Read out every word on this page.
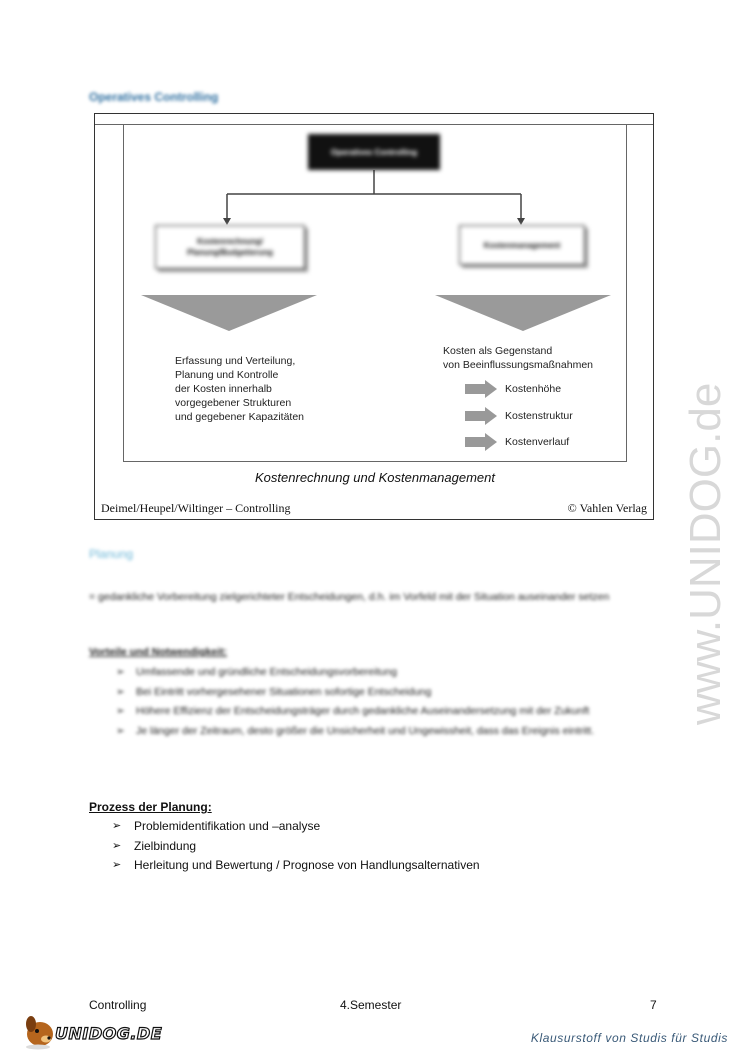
Operatives Controlling
Operatives Controlling
Kostenrechnung/
Planung/Budgetierung
Kostenmanagement
Erfassung und Verteilung,
Planung und Kontrolle
der Kosten innerhalb
vorgegebener Strukturen
und gegebener Kapazitäten
Kosten als Gegenstand
von Beeinflussungsmaßnahmen
Kostenhöhe
Kostenstruktur
Kostenverlauf
Kostenrechnung und Kostenmanagement
Deimel/Heupel/Wiltinger – Controlling	© Vahlen Verlag
Planung
= gedankliche Vorbereitung zielgerichteter Entscheidungen, d.h. im Vorfeld mit der Situation auseinander setzen
Vorteile und Notwendigkeit:
➢	Umfassende und gründliche Entscheidungsvorbereitung
➢	Bei Eintritt vorhergesehener Situationen sofortige Entscheidung
➢	Höhere Effizienz der Entscheidungsträger durch gedankliche Auseinandersetzung mit der Zukunft
➢	Je länger der Zeitraum, desto größer die Unsicherheit und Ungewissheit, dass das Ereignis eintritt.
Prozess der Planung:
➢	Problemidentifikation und –analyse
➢	Zielbindung
➢	Herleitung und Bewertung / Prognose von Handlungsalternativen
Controlling	4.Semester	7
UNIDOG.DE	Klausurstoff von Studis für Studis
www.UNIDOG.de
